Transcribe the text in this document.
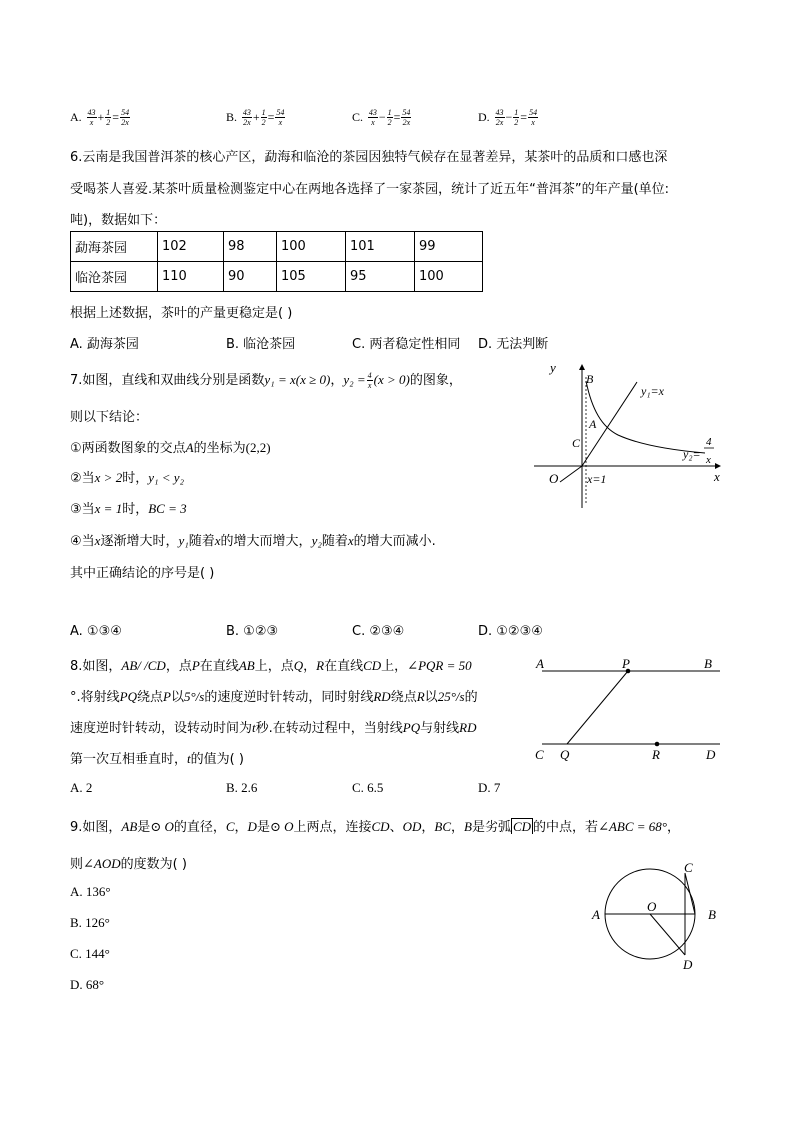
A. $\frac{43}{x} + \frac{1}{2} = \frac{54}{2x}$	B. $\frac{43}{2x} + \frac{1}{2} = \frac{54}{x}$	C. $\frac{43}{x} - \frac{1}{2} = \frac{54}{2x}$	D. $\frac{43}{2x} - \frac{1}{2} = \frac{54}{x}$
6.云南是我国普洱茶的核心产区，勐海和临沧的茶园因独特气候存在显著差异，某茶叶的品质和口感也深
受喝茶人喜爱.某茶叶质量检测鉴定中心在两地各选择了一家茶园，统计了近五年“普洱茶”的年产量(单位:
吨)，数据如下：
勐海茶园	102	98	100	101	99
临沧茶园	110	90	105	95	100
根据上述数据，茶叶的产量更稳定是( )
A. 勐海茶园	B. 临沧茶园	C. 两者稳定性相同 D. 无法判断
7.如图，直线和双曲线分别是函数y₁ = x(x ≥ 0)，$y_2 = \frac{4}{x} (x > 0)$的图象，
则以下结论：
①两函数图象的交点A的坐标为(2,2)
②当x > 2时，y₁ < y₂
③当x = 1时，BC = 3
④当x逐渐增大时，y₁随着x的增大而增大，y₂随着x的增大而减小.
其中正确结论的序号是( )
A. ①③④	B. ①②③	C. ②③④	D. ①②③④
y
x
O
B
A
C
y₁=x
y₂=
4
x
x=1
8.如图，AB/ /CD，点P在直线AB上，点Q，R在直线CD上，∠PQR = 50
°.将射线PQ绕点P以5°/s的速度逆时针转动，同时射线RD绕点R以25°/s的
速度逆时针转动，设转动时间为t秒.在转动过程中，当射线PQ与射线RD
第一次互相垂直时，t的值为( )
A. 2	B. 2.6	C. 6.5	D. 7
A	P	B
C Q	R	D
9.如图，AB是⊙ O的直径，C，D是⊙ O上两点，连接CD、OD，BC，B是劣弧 CD 的中点，若∠ABC = 68°，
则∠AOD的度数为( )
A. 136°
B. 126°
C. 144°
D. 68°
A
O
B
C
D
